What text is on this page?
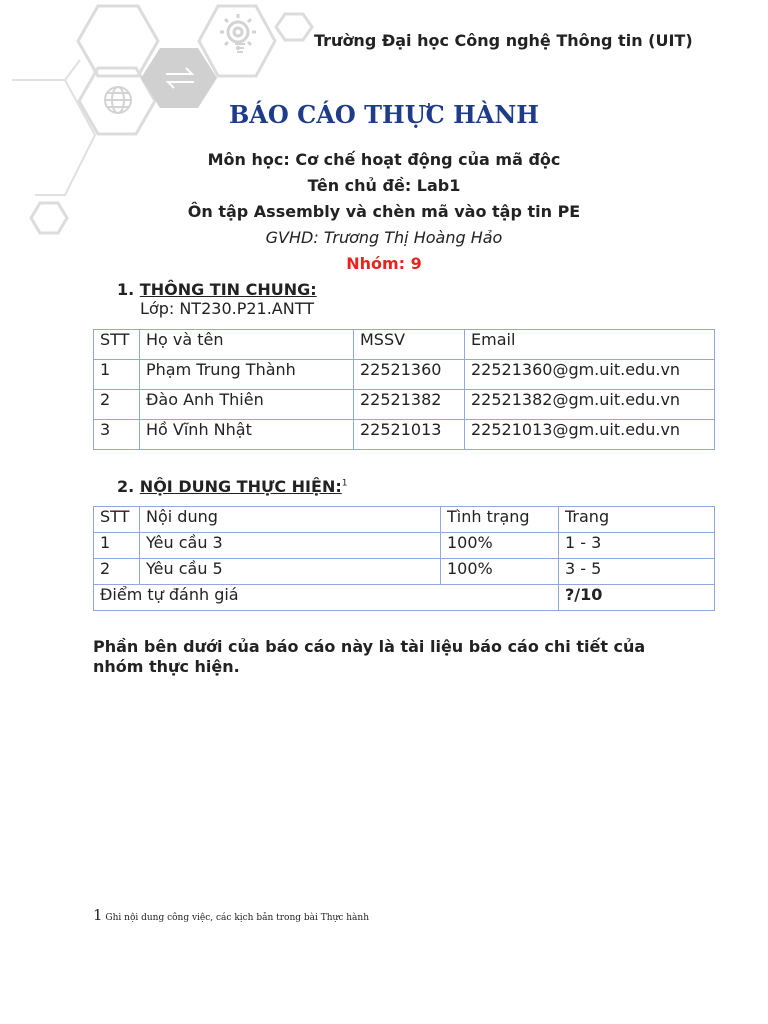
Trường Đại học Công nghệ Thông tin (UIT)
BÁO CÁO THỰC HÀNH
Môn học: Cơ chế hoạt động của mã độc
Tên chủ đề: Lab1
Ôn tập Assembly và chèn mã vào tập tin PE
GVHD: Trương Thị Hoàng Hảo
Nhóm: 9
1. THÔNG TIN CHUNG:
Lớp: NT230.P21.ANTT
STT	Họ và tên	MSSV	Email
1	Phạm Trung Thành	22521360	22521360@gm.uit.edu.vn
2	Đào Anh Thiên	22521382	22521382@gm.uit.edu.vn
3	Hồ Vĩnh Nhật	22521013	22521013@gm.uit.edu.vn
2. NỘI DUNG THỰC HIỆN:$^1$
STT	Nội dung	Tình trạng	Trang
1	Yêu cầu 3	100%	1 - 3
2	Yêu cầu 5	100%	3 - 5
Điểm tự đánh giá			?/10
Phần bên dưới của báo cáo này là tài liệu báo cáo chi tiết của nhóm thực hiện.
1 Ghi nội dung công việc, các kịch bản trong bài Thực hành
